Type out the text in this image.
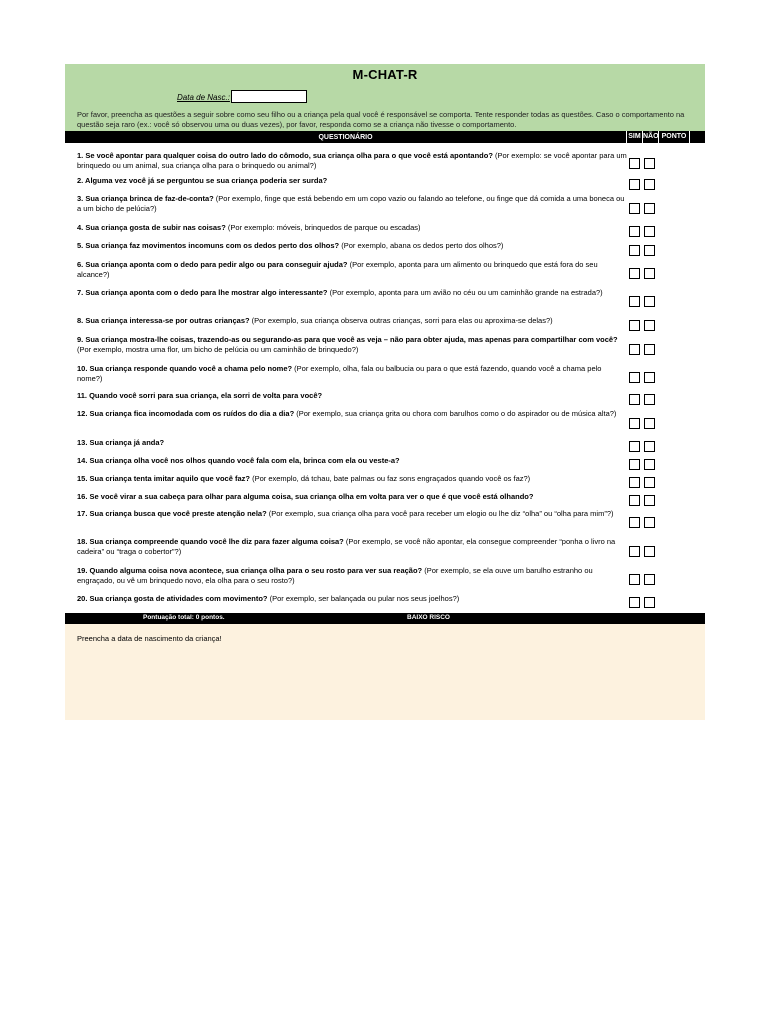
M-CHAT-R
Data de Nasc.:
Por favor, preencha as questões a seguir sobre como seu filho ou a criança pela qual você é responsável se comporta. Tente responder todas as questões. Caso o comportamento na questão seja raro (ex.: você só observou uma ou duas vezes), por favor, responda como se a criança não tivesse o comportamento.
QUESTIONÁRIO	SIM NÃO PONTO
1. Se você apontar para qualquer coisa do outro lado do cômodo, sua criança olha para o que você está apontando? (Por exemplo: se você apontar para um brinquedo ou um animal, sua criança olha para o brinquedo ou animal?)
2. Alguma vez você já se perguntou se sua criança poderia ser surda?
3. Sua criança brinca de faz-de-conta? (Por exemplo, finge que está bebendo em um copo vazio ou falando ao telefone, ou finge que dá comida a uma boneca ou a um bicho de pelúcia?)
4. Sua criança gosta de subir nas coisas? (Por exemplo: móveis, brinquedos de parque ou escadas)
5. Sua criança faz movimentos incomuns com os dedos perto dos olhos? (Por exemplo, abana os dedos perto dos olhos?)
6. Sua criança aponta com o dedo para pedir algo ou para conseguir ajuda? (Por exemplo, aponta para um alimento ou brinquedo que está fora do seu alcance?)
7. Sua criança aponta com o dedo para lhe mostrar algo interessante? (Por exemplo, aponta para um avião no céu ou um caminhão grande na estrada?)
8. Sua criança interessa-se por outras crianças? (Por exemplo, sua criança observa outras crianças, sorri para elas ou aproxima-se delas?)
9. Sua criança mostra-lhe coisas, trazendo-as ou segurando-as para que você as veja – não para obter ajuda, mas apenas para compartilhar com você? (Por exemplo, mostra uma flor, um bicho de pelúcia ou um caminhão de brinquedo?)
10. Sua criança responde quando você a chama pelo nome? (Por exemplo, olha, fala ou balbucia ou para o que está fazendo, quando você a chama pelo nome?)
11. Quando você sorri para sua criança, ela sorri de volta para você?
12. Sua criança fica incomodada com os ruídos do dia a dia? (Por exemplo, sua criança grita ou chora com barulhos como o do aspirador ou de música alta?)
13. Sua criança já anda?
14. Sua criança olha você nos olhos quando você fala com ela, brinca com ela ou veste-a?
15. Sua criança tenta imitar aquilo que você faz? (Por exemplo, dá tchau, bate palmas ou faz sons engraçados quando você os faz?)
16. Se você virar a sua cabeça para olhar para alguma coisa, sua criança olha em volta para ver o que é que você está olhando?
17. Sua criança busca que você preste atenção nela? (Por exemplo, sua criança olha para você para receber um elogio ou lhe diz “olha” ou “olha para mim”?)
18. Sua criança compreende quando você lhe diz para fazer alguma coisa? (Por exemplo, se você não apontar, ela consegue compreender “ponha o livro na cadeira” ou “traga o cobertor”?)
19. Quando alguma coisa nova acontece, sua criança olha para o seu rosto para ver sua reação? (Por exemplo, se ela ouve um barulho estranho ou engraçado, ou vê um brinquedo novo, ela olha para o seu rosto?)
20. Sua criança gosta de atividades com movimento? (Por exemplo, ser balançada ou pular nos seus joelhos?)
Pontuação total: 0 pontos.	BAIXO RISCO
Preencha a data de nascimento da criança!
